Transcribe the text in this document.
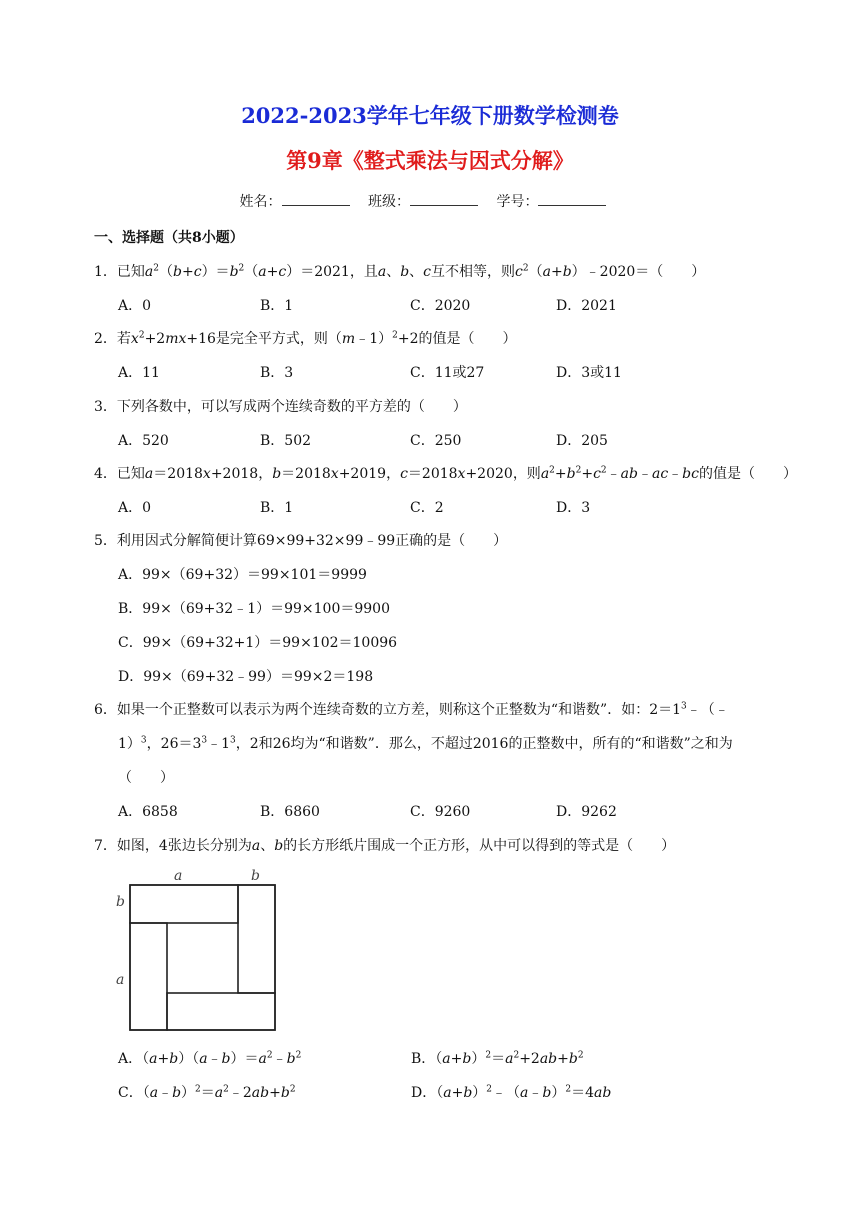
2022-2023学年七年级下册数学检测卷
第9章《整式乘法与因式分解》
姓名：	班级：	学号：
一、选择题（共8小题）
1．已知$a^2(b+c)=b^2(a+c)=2021$，且a、b、c互不相等，则$c^2(a+b)﹣2020=$（　　）
A．0	B．1	C．2020	D．2021
2．若$x^2+2mx+16$是完全平方式，则（m﹣1）$^2$+2的值是（　　）
A．11	B．3	C．11或27	D．3或11
3．下列各数中，可以写成两个连续奇数的平方差的（　　）
A．520	B．502	C．250	D．205
4．已知a＝2018x+2018，b＝2018x+2019，c＝2018x+2020，则$a^2+b^2+c^2﹣ab﹣ac﹣bc$的值是（　　）
A．0	B．1	C．2	D．3
5．利用因式分解简便计算69×99+32×99﹣99正确的是（　　）
A．99×（69+32）＝99×101＝9999
B．99×（69+32﹣1）＝99×100＝9900
C．99×（69+32+1）＝99×102＝10096
D．99×（69+32﹣99）＝99×2＝198
6．如果一个正整数可以表示为两个连续奇数的立方差，则称这个正整数为“和谐数”．如：$2=1^3﹣(﹣$
1）$^3$，$26=3^3﹣1^3$，2和26均为“和谐数”．那么，不超过2016的正整数中，所有的“和谐数”之和为
（　　）
A．6858	B．6860	C．9260	D．9262
7．如图，4张边长分别为a、b的长方形纸片围成一个正方形，从中可以得到的等式是（　　）
a	b
b
a
A．$(a+b)(a﹣b)=a^2﹣b^2$	B．$(a+b)^2=a^2+2ab+b^2$
C．$(a﹣b)^2=a^2﹣2ab+b^2$	D．$(a+b)^2﹣(a﹣b)^2=4ab$
